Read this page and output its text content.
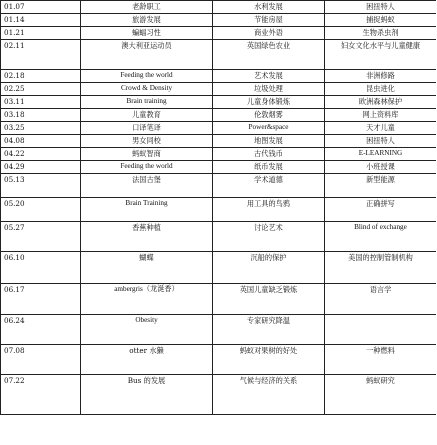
01.07	老龄职工	水利发展	困扭特人
01.14	旅游发展	节能房屋	捕捉蚂蚁
01.21	蝙蝠习性	商业外语	生物杀虫剂
02.11	澳大利亚运动员	英国绿色农业	妇女文化水平与儿童健康
02.18	Feeding the world	艺术发展	非洲修路
02.25	Crowd & Density	垃圾处理	昆虫进化
03.11	Brain training	儿童身体锻炼	欧洲森林保护
03.18	儿童教育	伦敦烟雾	网上资料库
03.25	口译笔译	Power&space	天才儿童
04.08	男女同校	地图发展	困扭特人
04.22	蚂蚁智商	古代钱币	E-LEARNING
04.29	Feeding the world	纸币发展	小班授课
05.13	法国古堡	学术道德	新型能源
05.20	Brain Training	用工具的鸟鸦	正确拼写
05.27	香蕉种植	讨论艺术	Blind of exchange
06.10	蝴蝶	沉船的保护	美国的控制管制机构
06.17	ambergris（龙涎香）	英国儿童缺乏锻炼	语言学
06.24	Obesity	专家研究降温	
07.08	otter 水獭	蚂蚁对果树的好处	一种燃料
07.22	Bus 的发展	气候与经济的关系	蚂蚁研究
